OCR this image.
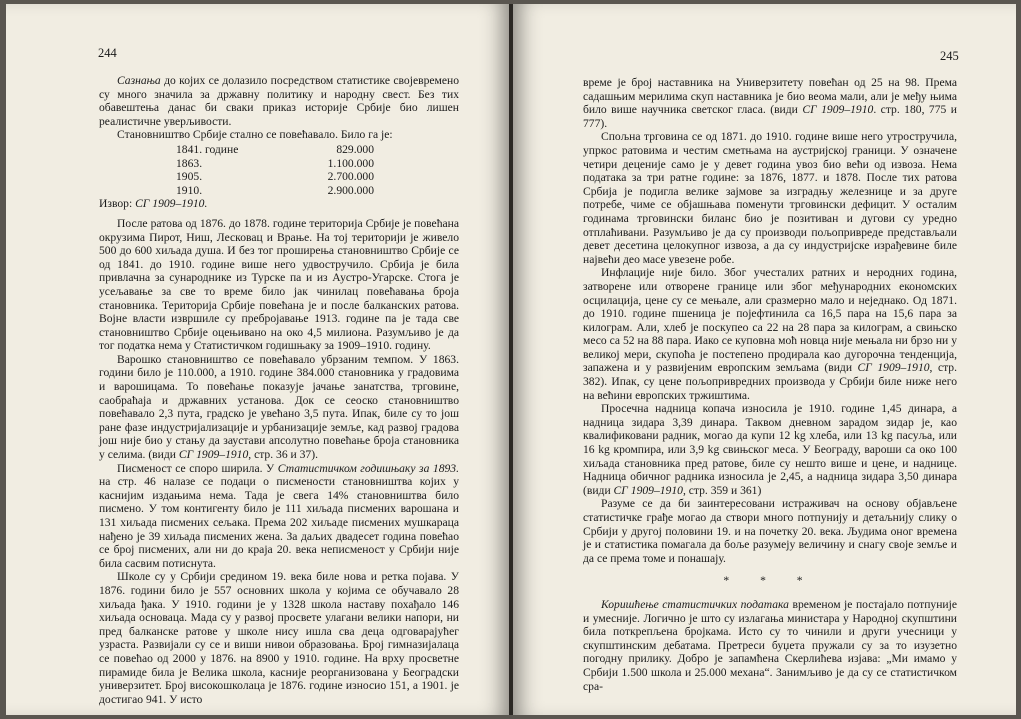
244

Сазнања до којих се долазило посредством статистике својевремено су много значила за државну политику и народну свест. Без тих обавештења данас би сваки приказ историје Србије био лишен реалистичне уверљивости.

Становништво Србије стално се повећавало. Било га је:

1841. године	829.000
1863.	1.100.000
1905.	2.700.000
1910.	2.900.000

Извор: СГ 1909–1910.

После ратова од 1876. до 1878. године територија Србије је повећана окрузима Пирот, Ниш, Лесковац и Врање. На тој територији је живело 500 до 600 хиљада душа. И без тог проширења становништво Србије се од 1841. до 1910. године више него удвостручило. Србија је била привлачна за сународнике из Турске па и из Аустро-Угарске. Стога је усељавање за све то време било јак чинилац повећавања броја становника. Територија Србије повећана је и после балканских ратова. Војне власти извршиле су пребројавање 1913. године па је тада све становништво Србије оцењивано на око 4,5 милиона. Разумљиво је да тог податка нема у Статистичком годишњаку за 1909–1910. годину.

Варошко становништво се повећавало убрзаним темпом. У 1863. години било је 110.000, а 1910. године 384.000 становника у градовима и варошицама. То повећање показује јачање занатства, трговине, саобраћаја и државних установа. Док се сеоско становништво повећавало 2,3 пута, градско је увећано 3,5 пута. Ипак, биле су то још ране фазе индустријализације и урбанизације земље, кад развој градова још није био у стању да заустави апсолутно повећање броја становника у селима. (види СГ 1909–1910, стр. 36 и 37).

Писменост се споро ширила. У Статистичком годишњаку за 1893. на стр. 46 налазе се подаци о писмености становништва којих у каснијим издањима нема. Тада је свега 14% становништва било писмено. У том контигенту било је 111 хиљада писмених варошана и 131 хиљада писмених сељака. Према 202 хиљаде писмених мушкараца нађено је 39 хиљада писмених жена. За даљих двадесет година повећао се број писмених, али ни до краја 20. века неписменост у Србији није била сасвим потиснута.

Школе су у Србији средином 19. века биле нова и ретка појава. У 1876. години било је 557 основних школа у којима се обучавало 28 хиљада ђака. У 1910. години је у 1328 школа наставу похађало 146 хиљада основаца. Мада су у развој просвете улагани велики напори, ни пред балканске ратове у школе нису ишла сва деца одговарајућег узраста. Развијали су се и виши нивои образовања. Број гимназијалаца се повећао од 2000 у 1876. на 8900 у 1910. године. На врху просветне пирамиде била је Велика школа, касније реорганизована у Београдски универзитет. Број високошколаца је 1876. године износио 151, а 1901. је достигао 941. У исто

245

време је број наставника на Универзитету повећан од 25 на 98. Према садашњим мерилима скуп наставника је био веома мали, али је међу њима било више научника светског гласа. (види СГ 1909–1910. стр. 180, 775 и 777).

Спољна трговина се од 1871. до 1910. године више него утростручила, упркос ратовима и честим сметњама на аустријској граници. У означене четири деценије само је у девет година увоз био већи од извоза. Нема података за три ратне године: за 1876, 1877. и 1878. После тих ратова Србија је подигла велике зајмове за изградњу железнице и за друге потребе, чиме се објашњава поменути трговински дефицит. У осталим годинама трговински биланс био је позитиван и дугови су уредно отплаћивани. Разумљиво је да су производи пољопривреде представљали девет десетина целокупног извоза, а да су индустријске израђевине биле највећи део масе увезене робе.

Инфлације није било. Због учесталих ратних и неродних година, затворене или отворене границе или због међународних економских осцилација, цене су се мењале, али сразмерно мало и неједнако. Од 1871. до 1910. године пшеница је појефтинила са 16,5 пара на 15,6 пара за килограм. Али, хлеб је поскупео са 22 на 28 пара за килограм, а свињско месо са 52 на 88 пара. Иако се куповна моћ новца није мењала ни брзо ни у великој мери, скупоћа је постепено продирала као дугорочна тенденција, запажена и у развијеним европским земљама (види СГ 1909–1910, стр. 382). Ипак, су цене пољопривредних производа у Србији биле ниже него на већини европских тржиштима.

Просечна надница копача износила је 1910. године 1,45 динара, а надница зидара 3,39 динара. Таквом дневном зарадом зидар је, као квалификовани радник, могао да купи 12 kg хлеба, или 13 kg пасуља, или 16 kg кромпира, или 3,9 kg свињског меса. У Београду, вароши са око 100 хиљада становника пред ратове, биле су нешто више и цене, и наднице. Надница обичног радника износила је 2,45, а надница зидара 3,50 динара (види СГ 1909–1910, стр. 359 и 361)

Разуме се да би заинтересовани истраживач на основу објављене статистичке грађе могао да створи много потпунију и детаљнију слику о Србији у другој половини 19. и на почетку 20. века. Људима оног времена је и статистика помагала да боље разумеју величину и снагу своје земље и да се према томе и понашају.

* * *

Коришћење статистичких података временом је постајало потпуније и умесније. Логично је што су излагања министара у Народној скупштини била поткрепљена бројкама. Исто су то чинили и други учесници у скупштинским дебатама. Претреси буџета пружали су за то изузетно погодну прилику. Добро је запамћена Скерлићева изјава: „Ми имамо у Србији 1.500 школа и 25.000 механа“. Занимљиво је да су се статистичком сра-
